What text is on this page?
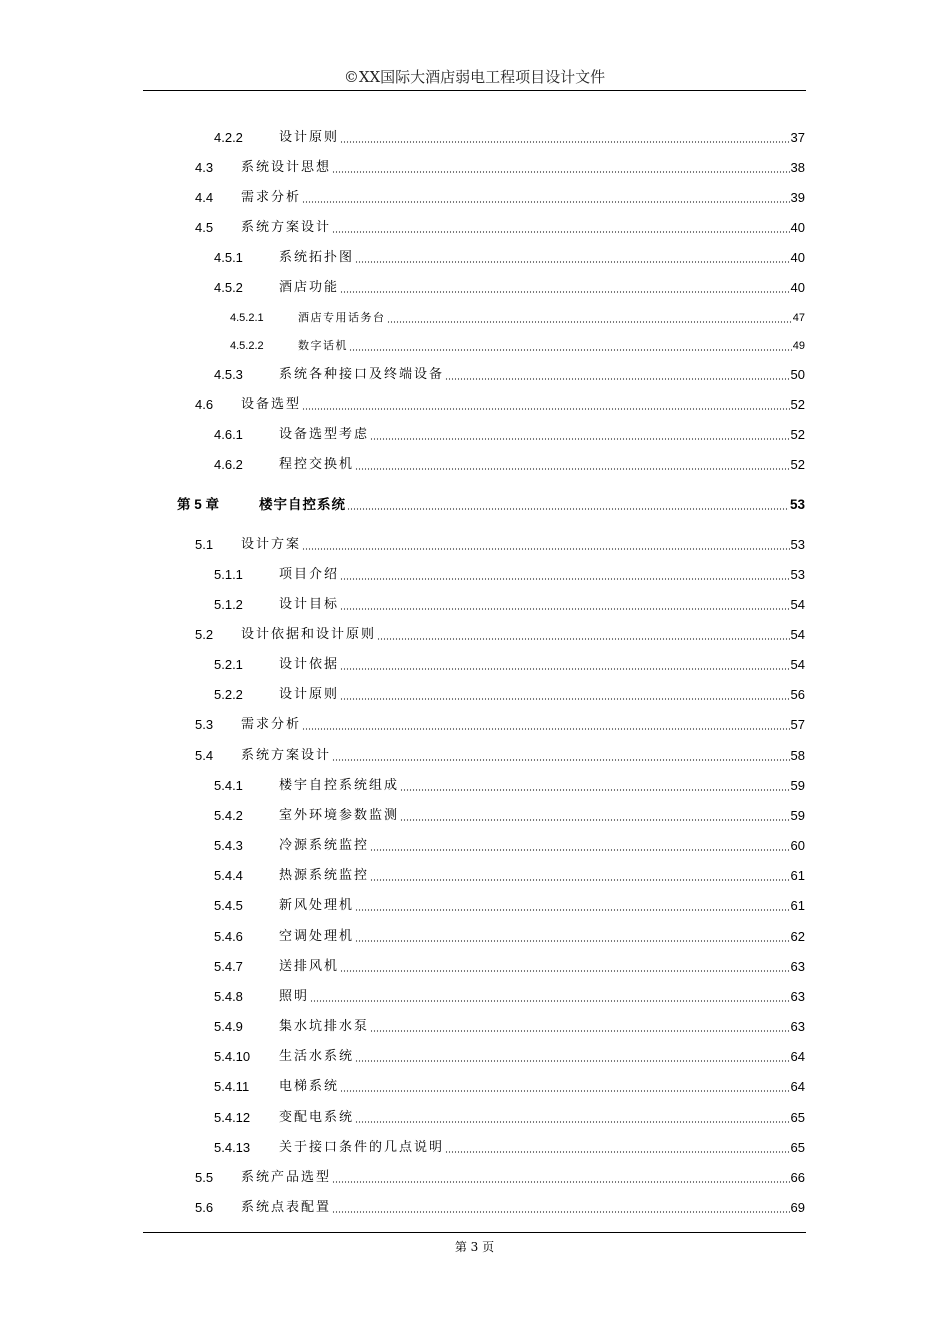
©XX国际大酒店弱电工程项目设计文件
4.2.2	设计原则	37
4.3	系统设计思想	38
4.4	需求分析	39
4.5	系统方案设计	40
4.5.1	系统拓扑图	40
4.5.2	酒店功能	40
4.5.2.1	酒店专用话务台	47
4.5.2.2	数字话机	49
4.5.3	系统各种接口及终端设备	50
4.6	设备选型	52
4.6.1	设备选型考虑	52
4.6.2	程控交换机	52
第 5 章	楼宇自控系统	53
5.1	设计方案	53
5.1.1	项目介绍	53
5.1.2	设计目标	54
5.2	设计依据和设计原则	54
5.2.1	设计依据	54
5.2.2	设计原则	56
5.3	需求分析	57
5.4	系统方案设计	58
5.4.1	楼宇自控系统组成	59
5.4.2	室外环境参数监测	59
5.4.3	冷源系统监控	60
5.4.4	热源系统监控	61
5.4.5	新风处理机	61
5.4.6	空调处理机	62
5.4.7	送排风机	63
5.4.8	照明	63
5.4.9	集水坑排水泵	63
5.4.10	生活水系统	64
5.4.11	电梯系统	64
5.4.12	变配电系统	65
5.4.13	关于接口条件的几点说明	65
5.5	系统产品选型	66
5.6	系统点表配置	69
第 3 页
